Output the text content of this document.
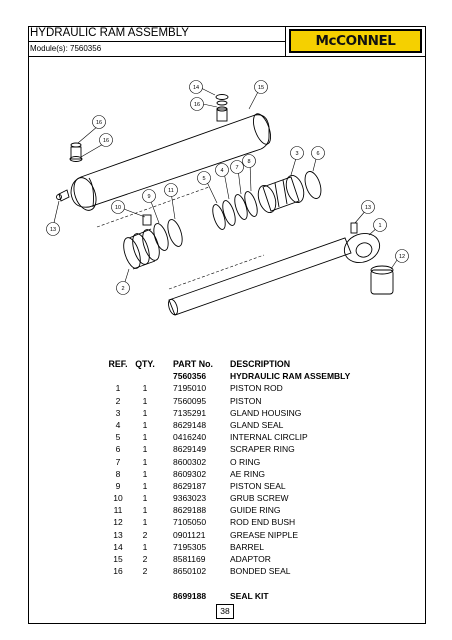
HYDRAULIC RAM ASSEMBLY
Module(s): 7560356	McCONNEL
14
16
15
16
16
10
9
11
5
4 7
8
3	6
13
1
12
13
2
REF. QTY. PART No. DESCRIPTION
7560356	HYDRAULIC RAM ASSEMBLY
1	1	7195010	PISTON ROD
2	1	7560095	PISTON
3	1	7135291	GLAND HOUSING
4	1	8629148	GLAND SEAL
5	1	0416240	INTERNAL CIRCLIP
6	1	8629149	SCRAPER RING
7	1	8600302	O RING
8	1	8609302	AE RING
9	1	8629187	PISTON SEAL
10	1	9363023	GRUB SCREW
11	1	8629188	GUIDE RING
12	1	7105050	ROD END BUSH
13	2	0901121	GREASE NIPPLE
14	1	7195305	BARREL
15	2	8581169	ADAPTOR
16	2	8650102	BONDED SEAL
8699188	SEAL KIT
38
